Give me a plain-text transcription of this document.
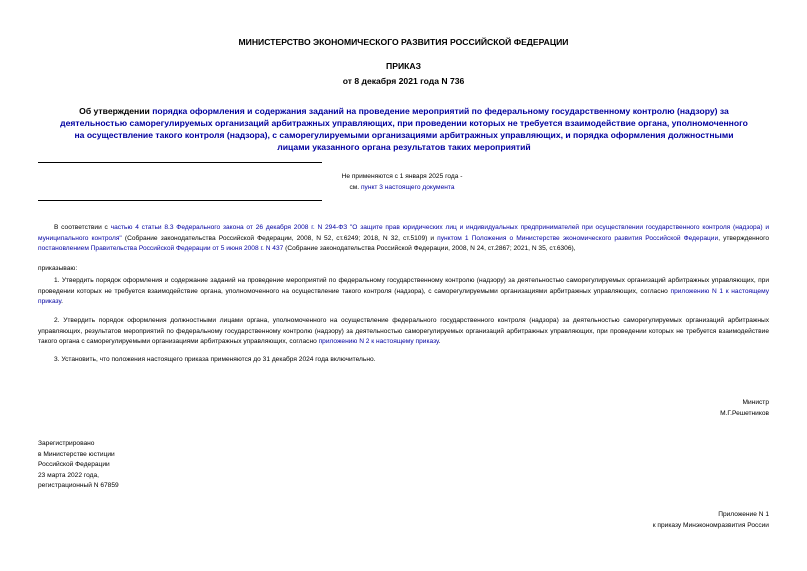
МИНИСТЕРСТВО ЭКОНОМИЧЕСКОГО РАЗВИТИЯ РОССИЙСКОЙ ФЕДЕРАЦИИ
ПРИКАЗ
от 8 декабря 2021 года N 736
Об утверждении порядка оформления и содержания заданий на проведение мероприятий по федеральному государственному контролю (надзору) за деятельностью саморегулируемых организаций арбитражных управляющих, при проведении которых не требуется взаимодействие органа, уполномоченного на осуществление такого контроля (надзора), с саморегулируемыми организациями арбитражных управляющих, и порядка оформления должностными лицами указанного органа результатов таких мероприятий
Не применяются с 1 января 2025 года -
см. пункт 3 настоящего документа
В соответствии с частью 4 статьи 8.3 Федерального закона от 26 декабря 2008 г. N 294-ФЗ "О защите прав юридических лиц и индивидуальных предпринимателей при осуществлении государственного контроля (надзора) и муниципального контроля" (Собрание законодательства Российской Федерации, 2008, N 52, ст.6249; 2018, N 32, ст.5109) и пунктом 1 Положения о Министерстве экономического развития Российской Федерации, утвержденного постановлением Правительства Российской Федерации от 5 июня 2008 г. N 437 (Собрание законодательства Российской Федерации, 2008, N 24, ст.2867; 2021, N 35, ст.6306),
приказываю:
1. Утвердить порядок оформления и содержание заданий на проведение мероприятий по федеральному государственному контролю (надзору) за деятельностью саморегулируемых организаций арбитражных управляющих, при проведении которых не требуется взаимодействие органа, уполномоченного на осуществление такого контроля (надзора), с саморегулируемыми организациями арбитражных управляющих, согласно приложению N 1 к настоящему приказу.
2. Утвердить порядок оформления должностными лицами органа, уполномоченного на осуществление федерального государственного контроля (надзора) за деятельностью саморегулируемых организаций арбитражных управляющих, результатов мероприятий по федеральному государственному контролю (надзору) за деятельностью саморегулируемых организаций арбитражных управляющих, при проведении которых не требуется взаимодействие такого органа с саморегулируемыми организациями арбитражных управляющих, согласно приложению N 2 к настоящему приказу.
3. Установить, что положения настоящего приказа применяются до 31 декабря 2024 года включительно.
Министр
М.Г.Решетников
Зарегистрировано
в Министерстве юстиции
Российской Федерации
23 марта 2022 года,
регистрационный N 67859
Приложение N 1
к приказу Минэкономразвития России
